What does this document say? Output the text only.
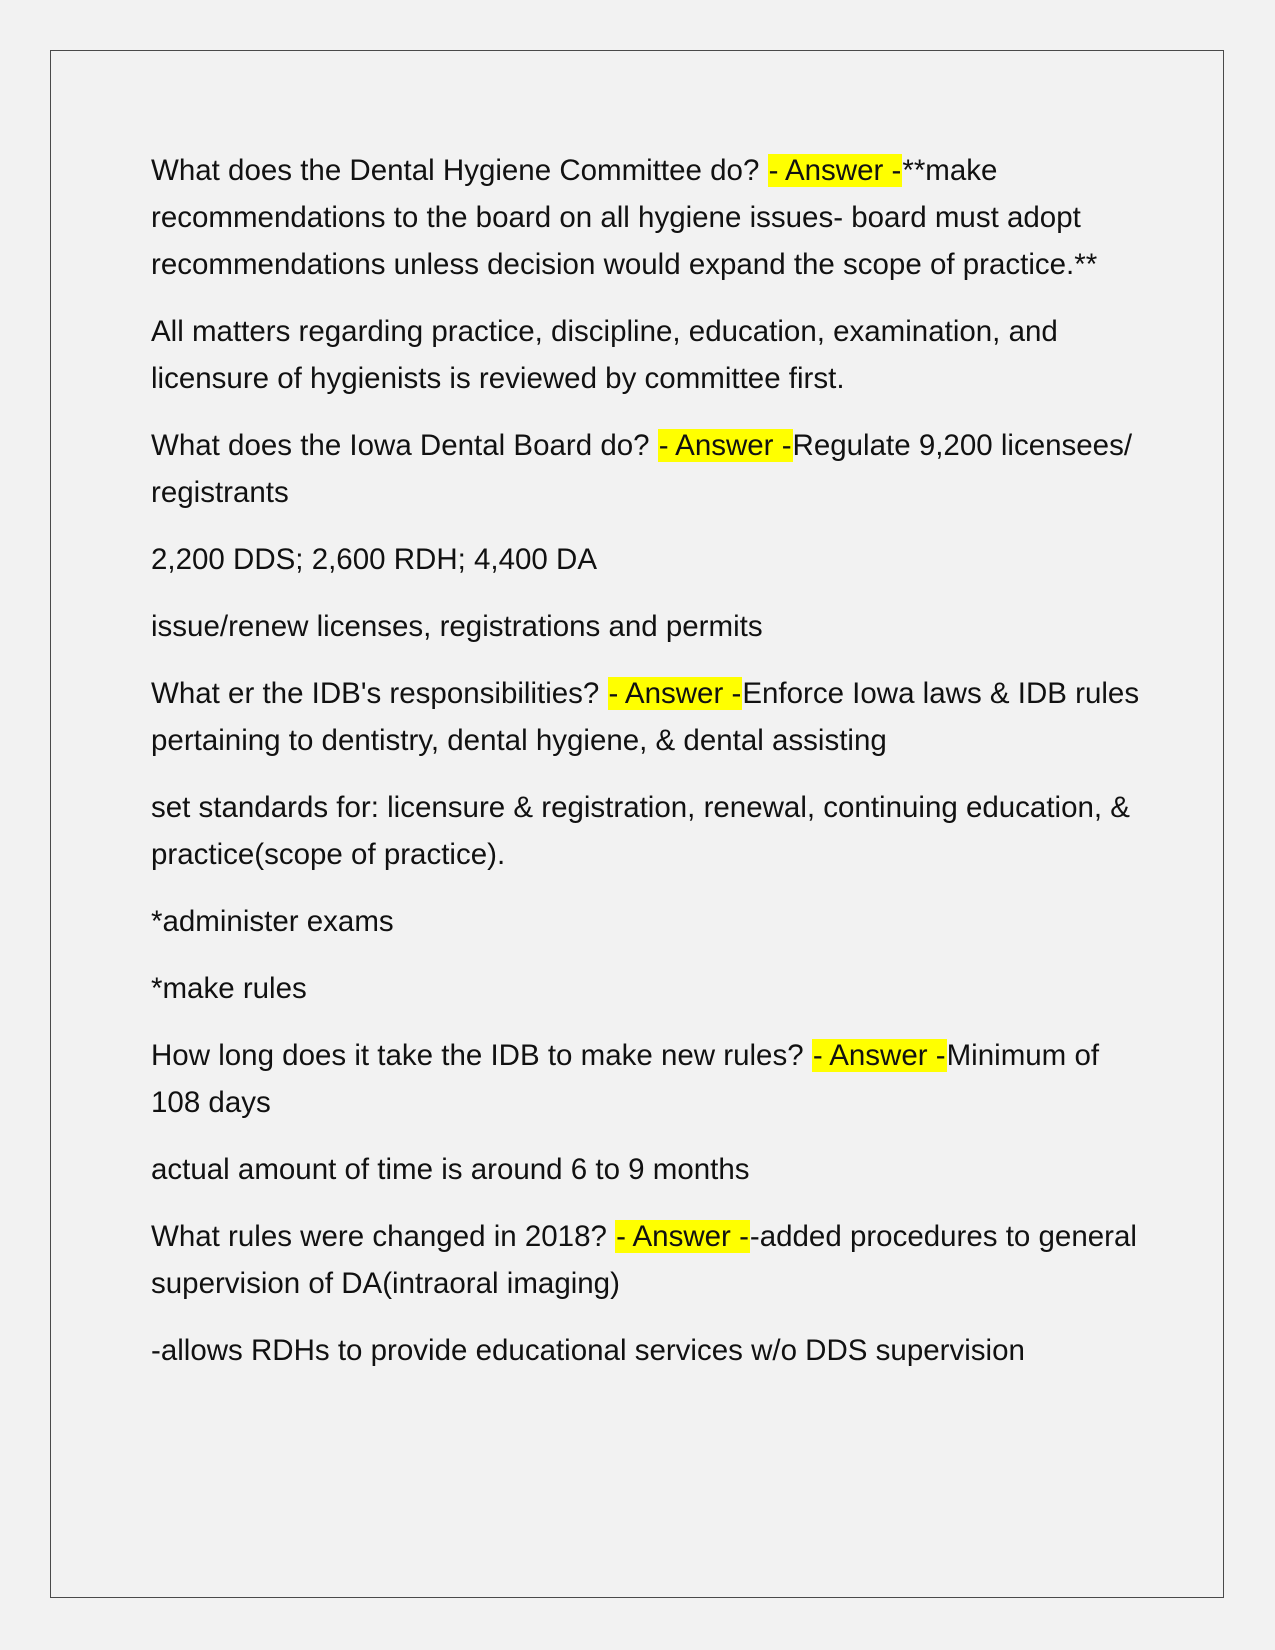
What does the Dental Hygiene Committee do? - Answer -**make recommendations to the board on all hygiene issues- board must adopt recommendations unless decision would expand the scope of practice.**

All matters regarding practice, discipline, education, examination, and licensure of hygienists is reviewed by committee first.

What does the Iowa Dental Board do? - Answer -Regulate 9,200 licensees/ registrants

2,200 DDS; 2,600 RDH; 4,400 DA

issue/renew licenses, registrations and permits

What er the IDB's responsibilities? - Answer -Enforce Iowa laws & IDB rules pertaining to dentistry, dental hygiene, & dental assisting

set standards for: licensure & registration, renewal, continuing education, & practice(scope of practice).

*administer exams

*make rules

How long does it take the IDB to make new rules? - Answer -Minimum of 108 days

actual amount of time is around 6 to 9 months

What rules were changed in 2018? - Answer --added procedures to general supervision of DA(intraoral imaging)

-allows RDHs to provide educational services w/o DDS supervision
